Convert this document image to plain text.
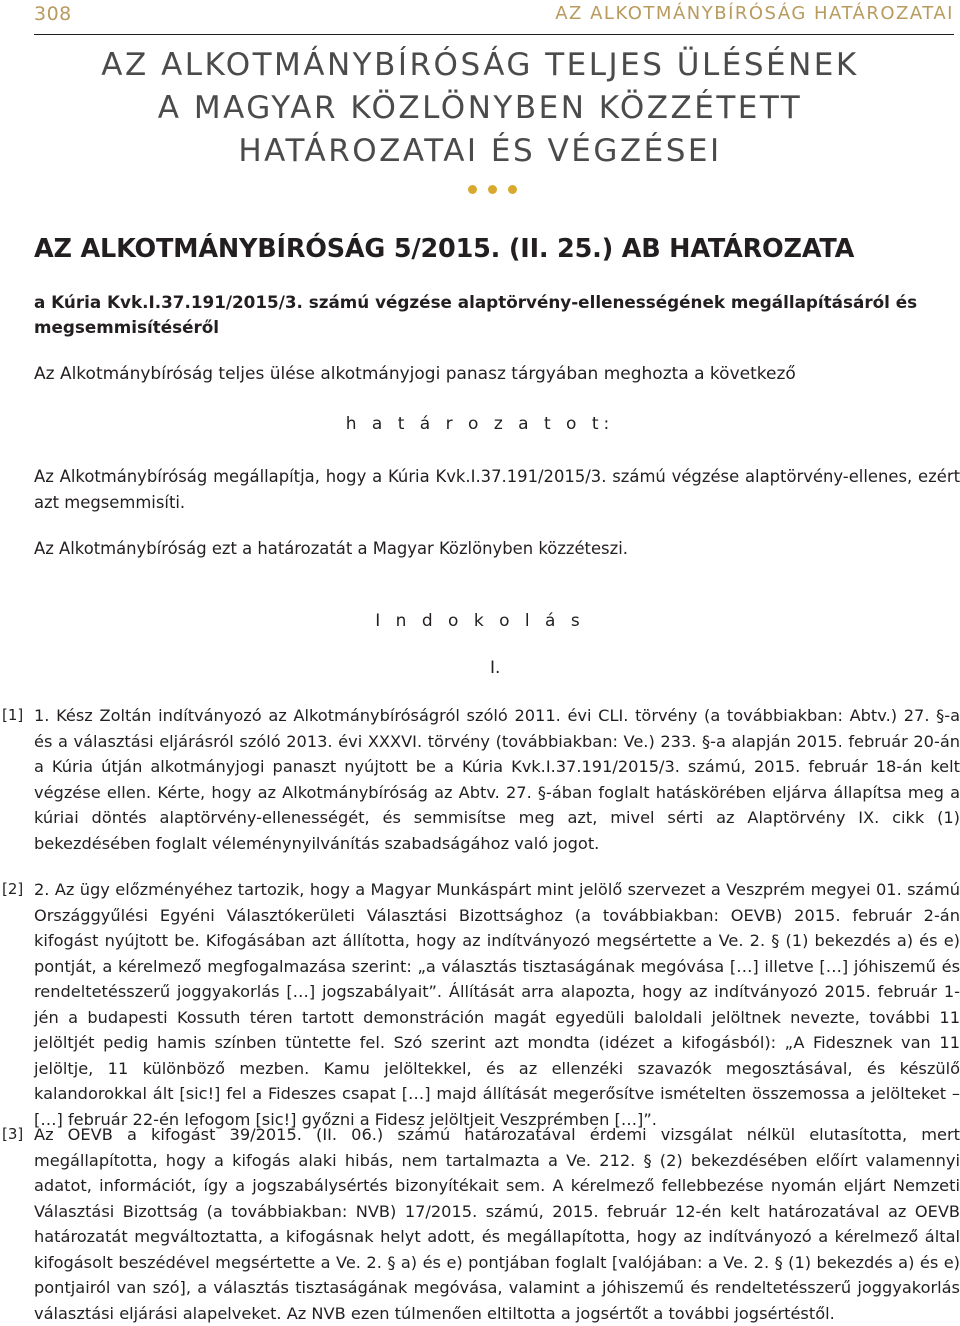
308	AZ ALKOTMÁNYBÍRÓSÁG HATÁROZATAI
AZ ALKOTMÁNYBÍRÓSÁG TELJES ÜLÉSÉNEK
A MAGYAR KÖZLÖNYBEN KÖZZÉTETT
HATÁROZATAI ÉS VÉGZÉSEI
AZ ALKOTMÁNYBÍRÓSÁG 5/2015. (II. 25.) AB HATÁROZATA

a Kúria Kvk.I.37.191/2015/3. számú végzése alaptörvény-ellenességének megállapításáról és megsemmisítéséről

Az Alkotmánybíróság teljes ülése alkotmányjogi panasz tárgyában meghozta a következő

h a t á r o z a t o t:

Az Alkotmánybíróság megállapítja, hogy a Kúria Kvk.I.37.191/2015/3. számú végzése alaptörvény-ellenes, ezért azt megsemmisíti.

Az Alkotmánybíróság ezt a határozatát a Magyar Közlönyben közzéteszi.

I n d o k o l á s

I.

[1] 1. Kész Zoltán indítványozó az Alkotmánybíróságról szóló 2011. évi CLI. törvény (a továbbiakban: Abtv.) 27. §-a és a választási eljárásról szóló 2013. évi XXXVI. törvény (továbbiakban: Ve.) 233. §-a alapján 2015. február 20-án a Kúria útján alkotmányjogi panaszt nyújtott be a Kúria Kvk.I.37.191/2015/3. számú, 2015. február 18-án kelt végzése ellen. Kérte, hogy az Alkotmánybíróság az Abtv. 27. §-ában foglalt hatáskörében eljárva állapítsa meg a kúriai döntés alaptörvény-ellenességét, és semmisítse meg azt, mivel sérti az Alaptörvény IX. cikk (1) bekezdésében foglalt véleménynyilvánítás szabadságához való jogot.

[2] 2. Az ügy előzményéhez tartozik, hogy a Magyar Munkáspárt mint jelölő szervezet a Veszprém megyei 01. számú Országgyűlési Egyéni Választókerületi Választási Bizottsághoz (a továbbiakban: OEVB) 2015. február 2-án kifogást nyújtott be. Kifogásában azt állította, hogy az indítványozó megsértette a Ve. 2. § (1) bekezdés a) és e) pontját, a kérelmező megfogalmazása szerint: „a választás tisztaságának megóvása […] illetve […] jóhiszemű és rendeltetésszerű joggyakorlás […] jogszabályait”. Állítását arra alapozta, hogy az indítványozó 2015. február 1-jén a budapesti Kossuth téren tartott demonstráción magát egyedüli baloldali jelöltnek nevezte, további 11 jelöltjét pedig hamis színben tüntette fel. Szó szerint azt mondta (idézet a kifogásból): „A Fidesznek van 11 jelöltje, 11 különböző mezben. Kamu jelöltekkel, és az ellenzéki szavazók megosztásával, és készülő kalandorokkal ált [sic!] fel a Fideszes csapat […] majd állítását megerősítve ismételten összemossa a jelölteket – […] február 22-én lefogom [sic!] győzni a Fidesz jelöltjeit Veszprémben […]”.

[3] Az OEVB a kifogást 39/2015. (II. 06.) számú határozatával érdemi vizsgálat nélkül elutasította, mert megállapította, hogy a kifogás alaki hibás, nem tartalmazta a Ve. 212. § (2) bekezdésében előírt valamennyi adatot, információt, így a jogszabálysértés bizonyítékait sem. A kérelmező fellebbezése nyomán eljárt Nemzeti Választási Bizottság (a továbbiakban: NVB) 17/2015. számú, 2015. február 12-én kelt határozatával az OEVB határozatát megváltoztatta, a kifogásnak helyt adott, és megállapította, hogy az indítványozó a kérelmező által kifogásolt beszédével megsértette a Ve. 2. § a) és e) pontjában foglalt [valójában: a Ve. 2. § (1) bekezdés a) és e) pontjairól van szó], a választás tisztaságának megóvása, valamint a jóhiszemű és rendeltetésszerű joggyakorlás választási eljárási alapelveket. Az NVB ezen túlmenően eltiltotta a jogsértőt a további jogsértéstől.
